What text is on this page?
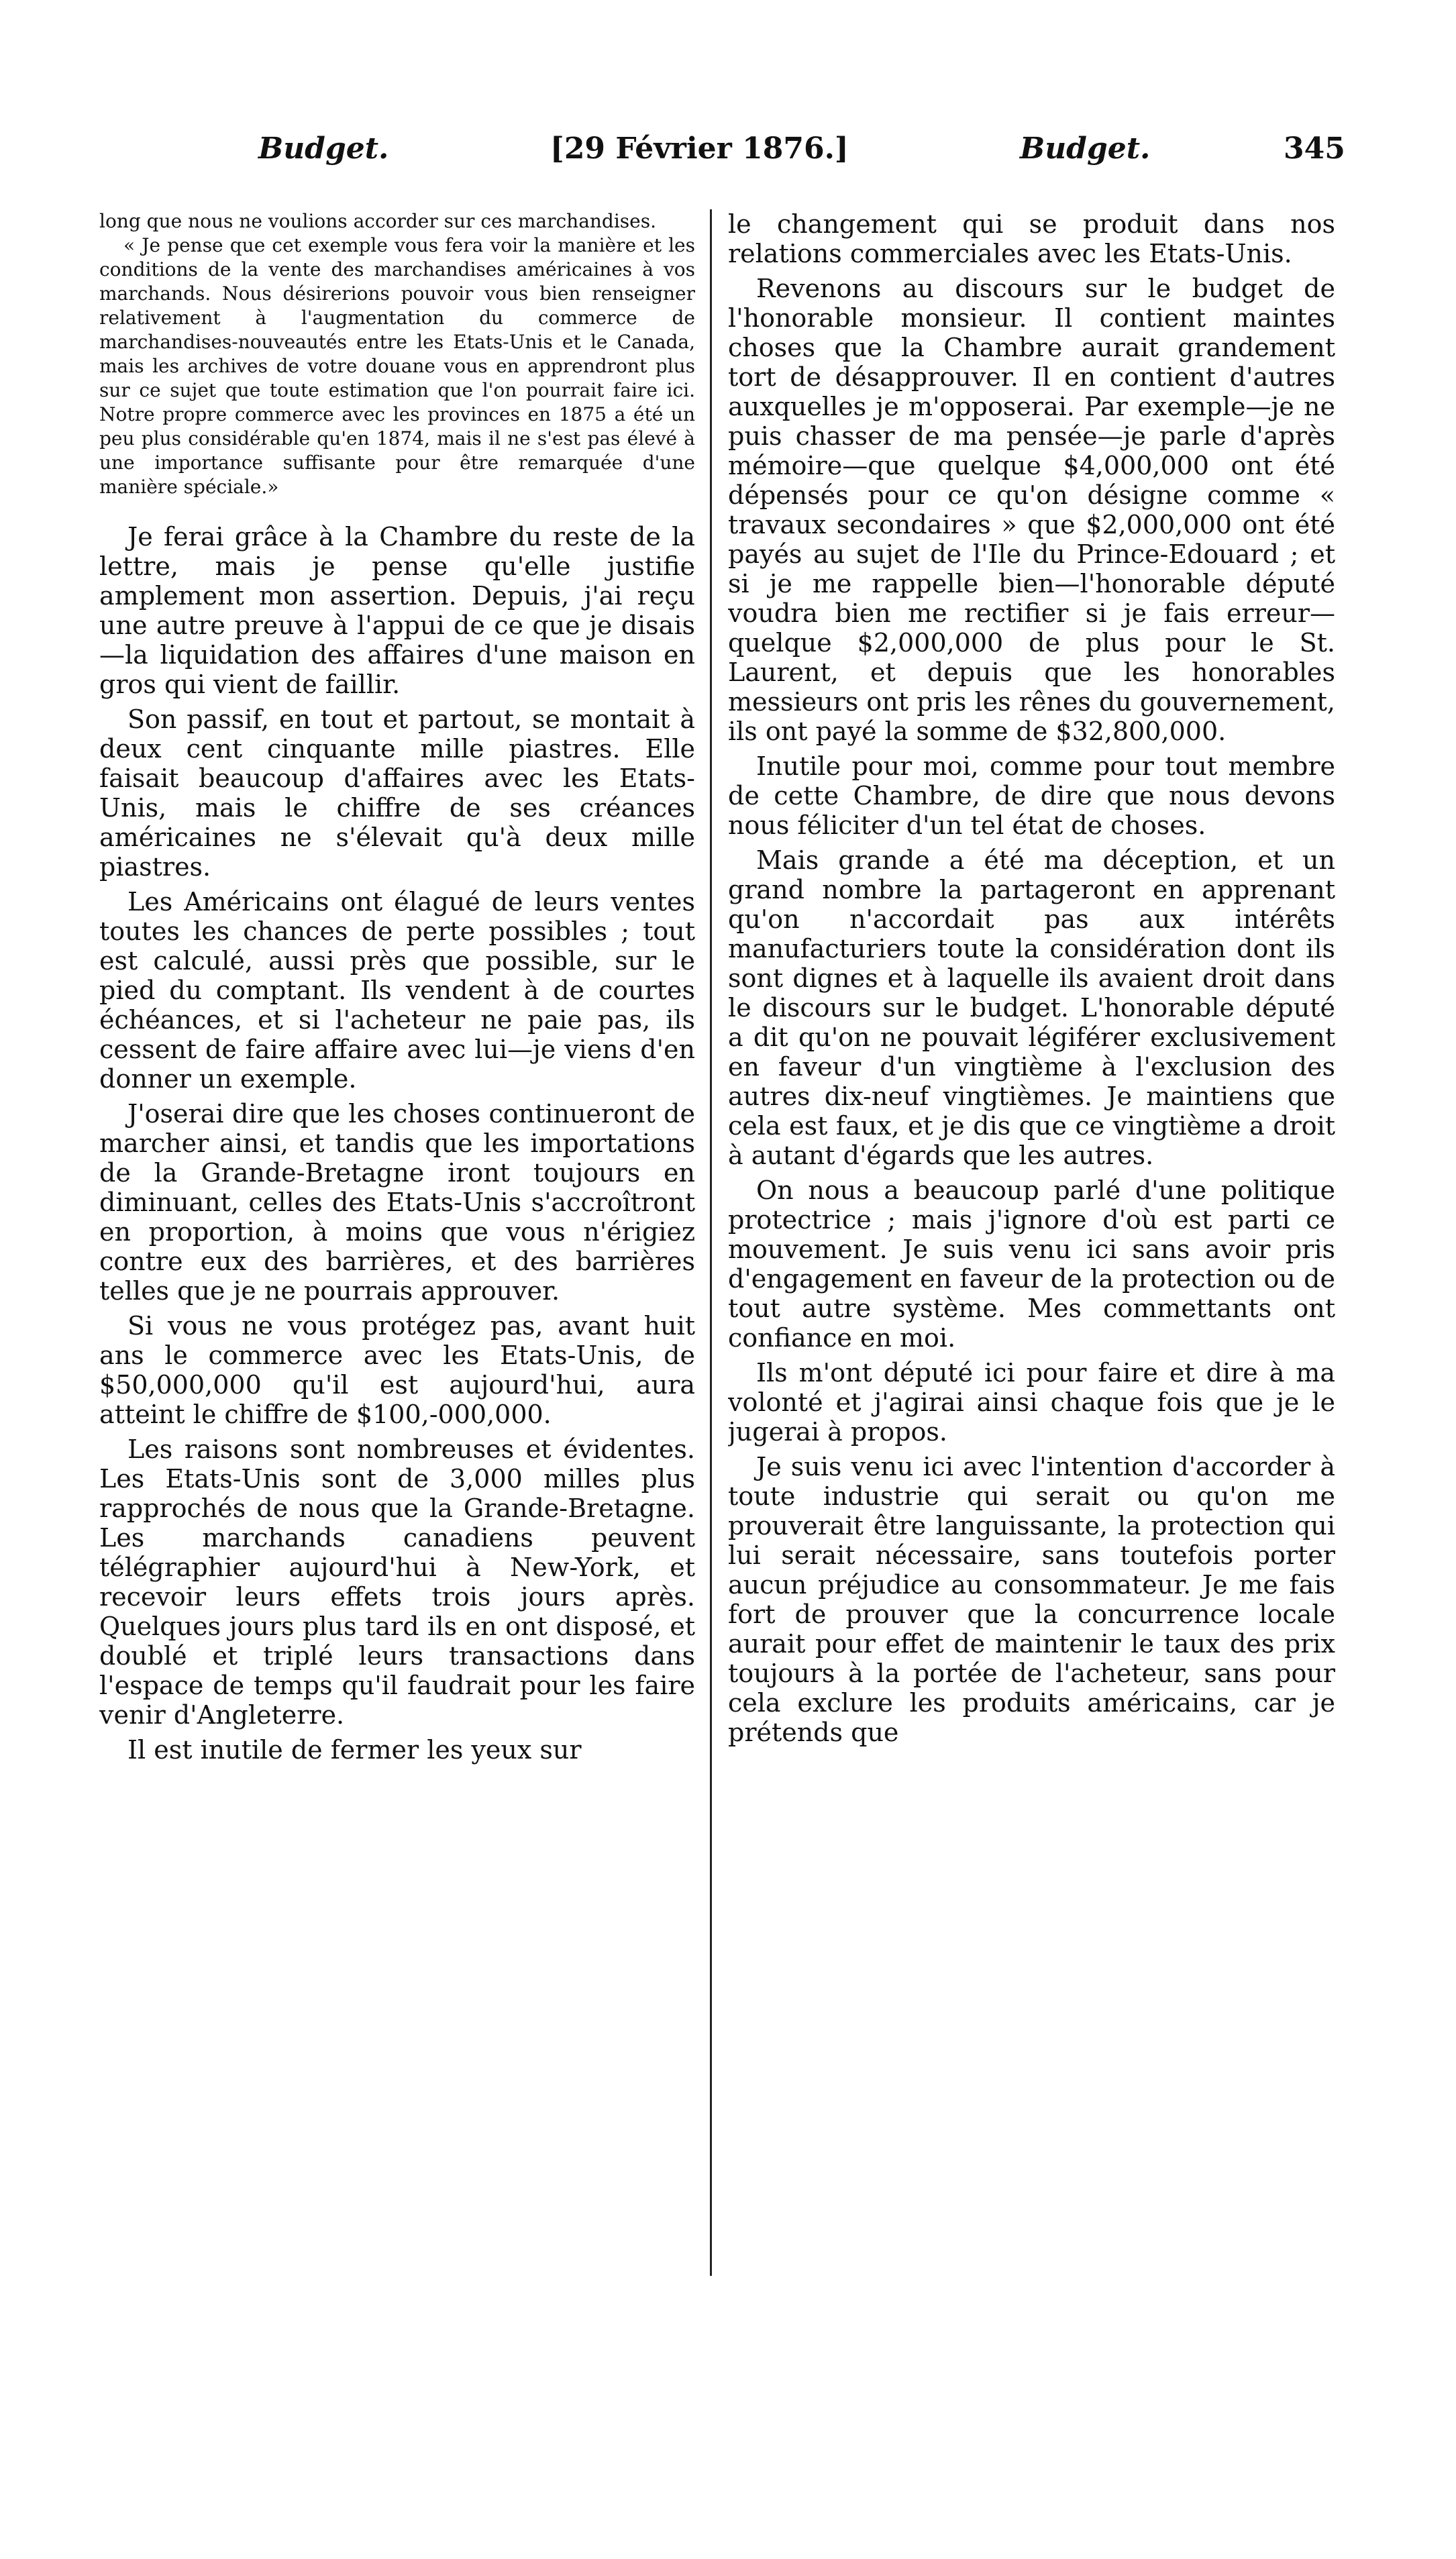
Budget.	[29 Février 1876.]	Budget.	345

long que nous ne voulions accorder sur ces marchandises.

« Je pense que cet exemple vous fera voir la manière et les conditions de la vente des marchandises américaines à vos marchands. Nous désirerions pouvoir vous bien renseigner relativement à l'augmentation du commerce de marchandises-nouveautés entre les Etats-Unis et le Canada, mais les archives de votre douane vous en apprendront plus sur ce sujet que toute estimation que l'on pourrait faire ici. Notre propre commerce avec les provinces en 1875 a été un peu plus considérable qu'en 1874, mais il ne s'est pas élevé à une importance suffisante pour être remarquée d'une manière spéciale.»

Je ferai grâce à la Chambre du reste de la lettre, mais je pense qu'elle justifie amplement mon assertion. Depuis, j'ai reçu une autre preuve à l'appui de ce que je disais—la liquidation des affaires d'une maison en gros qui vient de faillir.

Son passif, en tout et partout, se montait à deux cent cinquante mille piastres. Elle faisait beaucoup d'affaires avec les Etats-Unis, mais le chiffre de ses créances américaines ne s'élevait qu'à deux mille piastres.

Les Américains ont élagué de leurs ventes toutes les chances de perte possibles ; tout est calculé, aussi près que possible, sur le pied du comptant. Ils vendent à de courtes échéances, et si l'acheteur ne paie pas, ils cessent de faire affaire avec lui—je viens d'en donner un exemple.

J'oserai dire que les choses continueront de marcher ainsi, et tandis que les importations de la Grande-Bretagne iront toujours en diminuant, celles des Etats-Unis s'accroîtront en proportion, à moins que vous n'érigiez contre eux des barrières, et des barrières telles que je ne pourrais approuver.

Si vous ne vous protégez pas, avant huit ans le commerce avec les Etats-Unis, de $50,000,000 qu'il est aujourd'hui, aura atteint le chiffre de $100,-000,000.

Les raisons sont nombreuses et évidentes. Les Etats-Unis sont de 3,000 milles plus rapprochés de nous que la Grande-Bretagne. Les marchands canadiens peuvent télégraphier aujourd'hui à New-York, et recevoir leurs effets trois jours après. Quelques jours plus tard ils en ont disposé, et doublé et triplé leurs transactions dans l'espace de temps qu'il faudrait pour les faire venir d'Angleterre.

Il est inutile de fermer les yeux sur

le changement qui se produit dans nos relations commerciales avec les Etats-Unis.

Revenons au discours sur le budget de l'honorable monsieur. Il contient maintes choses que la Chambre aurait grandement tort de désapprouver. Il en contient d'autres auxquelles je m'opposerai. Par exemple—je ne puis chasser de ma pensée—je parle d'après mémoire—que quelque $4,000,000 ont été dépensés pour ce qu'on désigne comme « travaux secondaires » que $2,000,000 ont été payés au sujet de l'Ile du Prince-Edouard ; et si je me rappelle bien—l'honorable député voudra bien me rectifier si je fais erreur—quelque $2,000,000 de plus pour le St. Laurent, et depuis que les honorables messieurs ont pris les rênes du gouvernement, ils ont payé la somme de $32,800,000.

Inutile pour moi, comme pour tout membre de cette Chambre, de dire que nous devons nous féliciter d'un tel état de choses.

Mais grande a été ma déception, et un grand nombre la partageront en apprenant qu'on n'accordait pas aux intérêts manufacturiers toute la considération dont ils sont dignes et à laquelle ils avaient droit dans le discours sur le budget. L'honorable député a dit qu'on ne pouvait légiférer exclusivement en faveur d'un vingtième à l'exclusion des autres dix-neuf vingtièmes. Je maintiens que cela est faux, et je dis que ce vingtième a droit à autant d'égards que les autres.

On nous a beaucoup parlé d'une politique protectrice ; mais j'ignore d'où est parti ce mouvement. Je suis venu ici sans avoir pris d'engagement en faveur de la protection ou de tout autre système. Mes commettants ont confiance en moi.

Ils m'ont député ici pour faire et dire à ma volonté et j'agirai ainsi chaque fois que je le jugerai à propos.

Je suis venu ici avec l'intention d'accorder à toute industrie qui serait ou qu'on me prouverait être languissante, la protection qui lui serait nécessaire, sans toutefois porter aucun préjudice au consommateur. Je me fais fort de prouver que la concurrence locale aurait pour effet de maintenir le taux des prix toujours à la portée de l'acheteur, sans pour cela exclure les produits américains, car je prétends que
